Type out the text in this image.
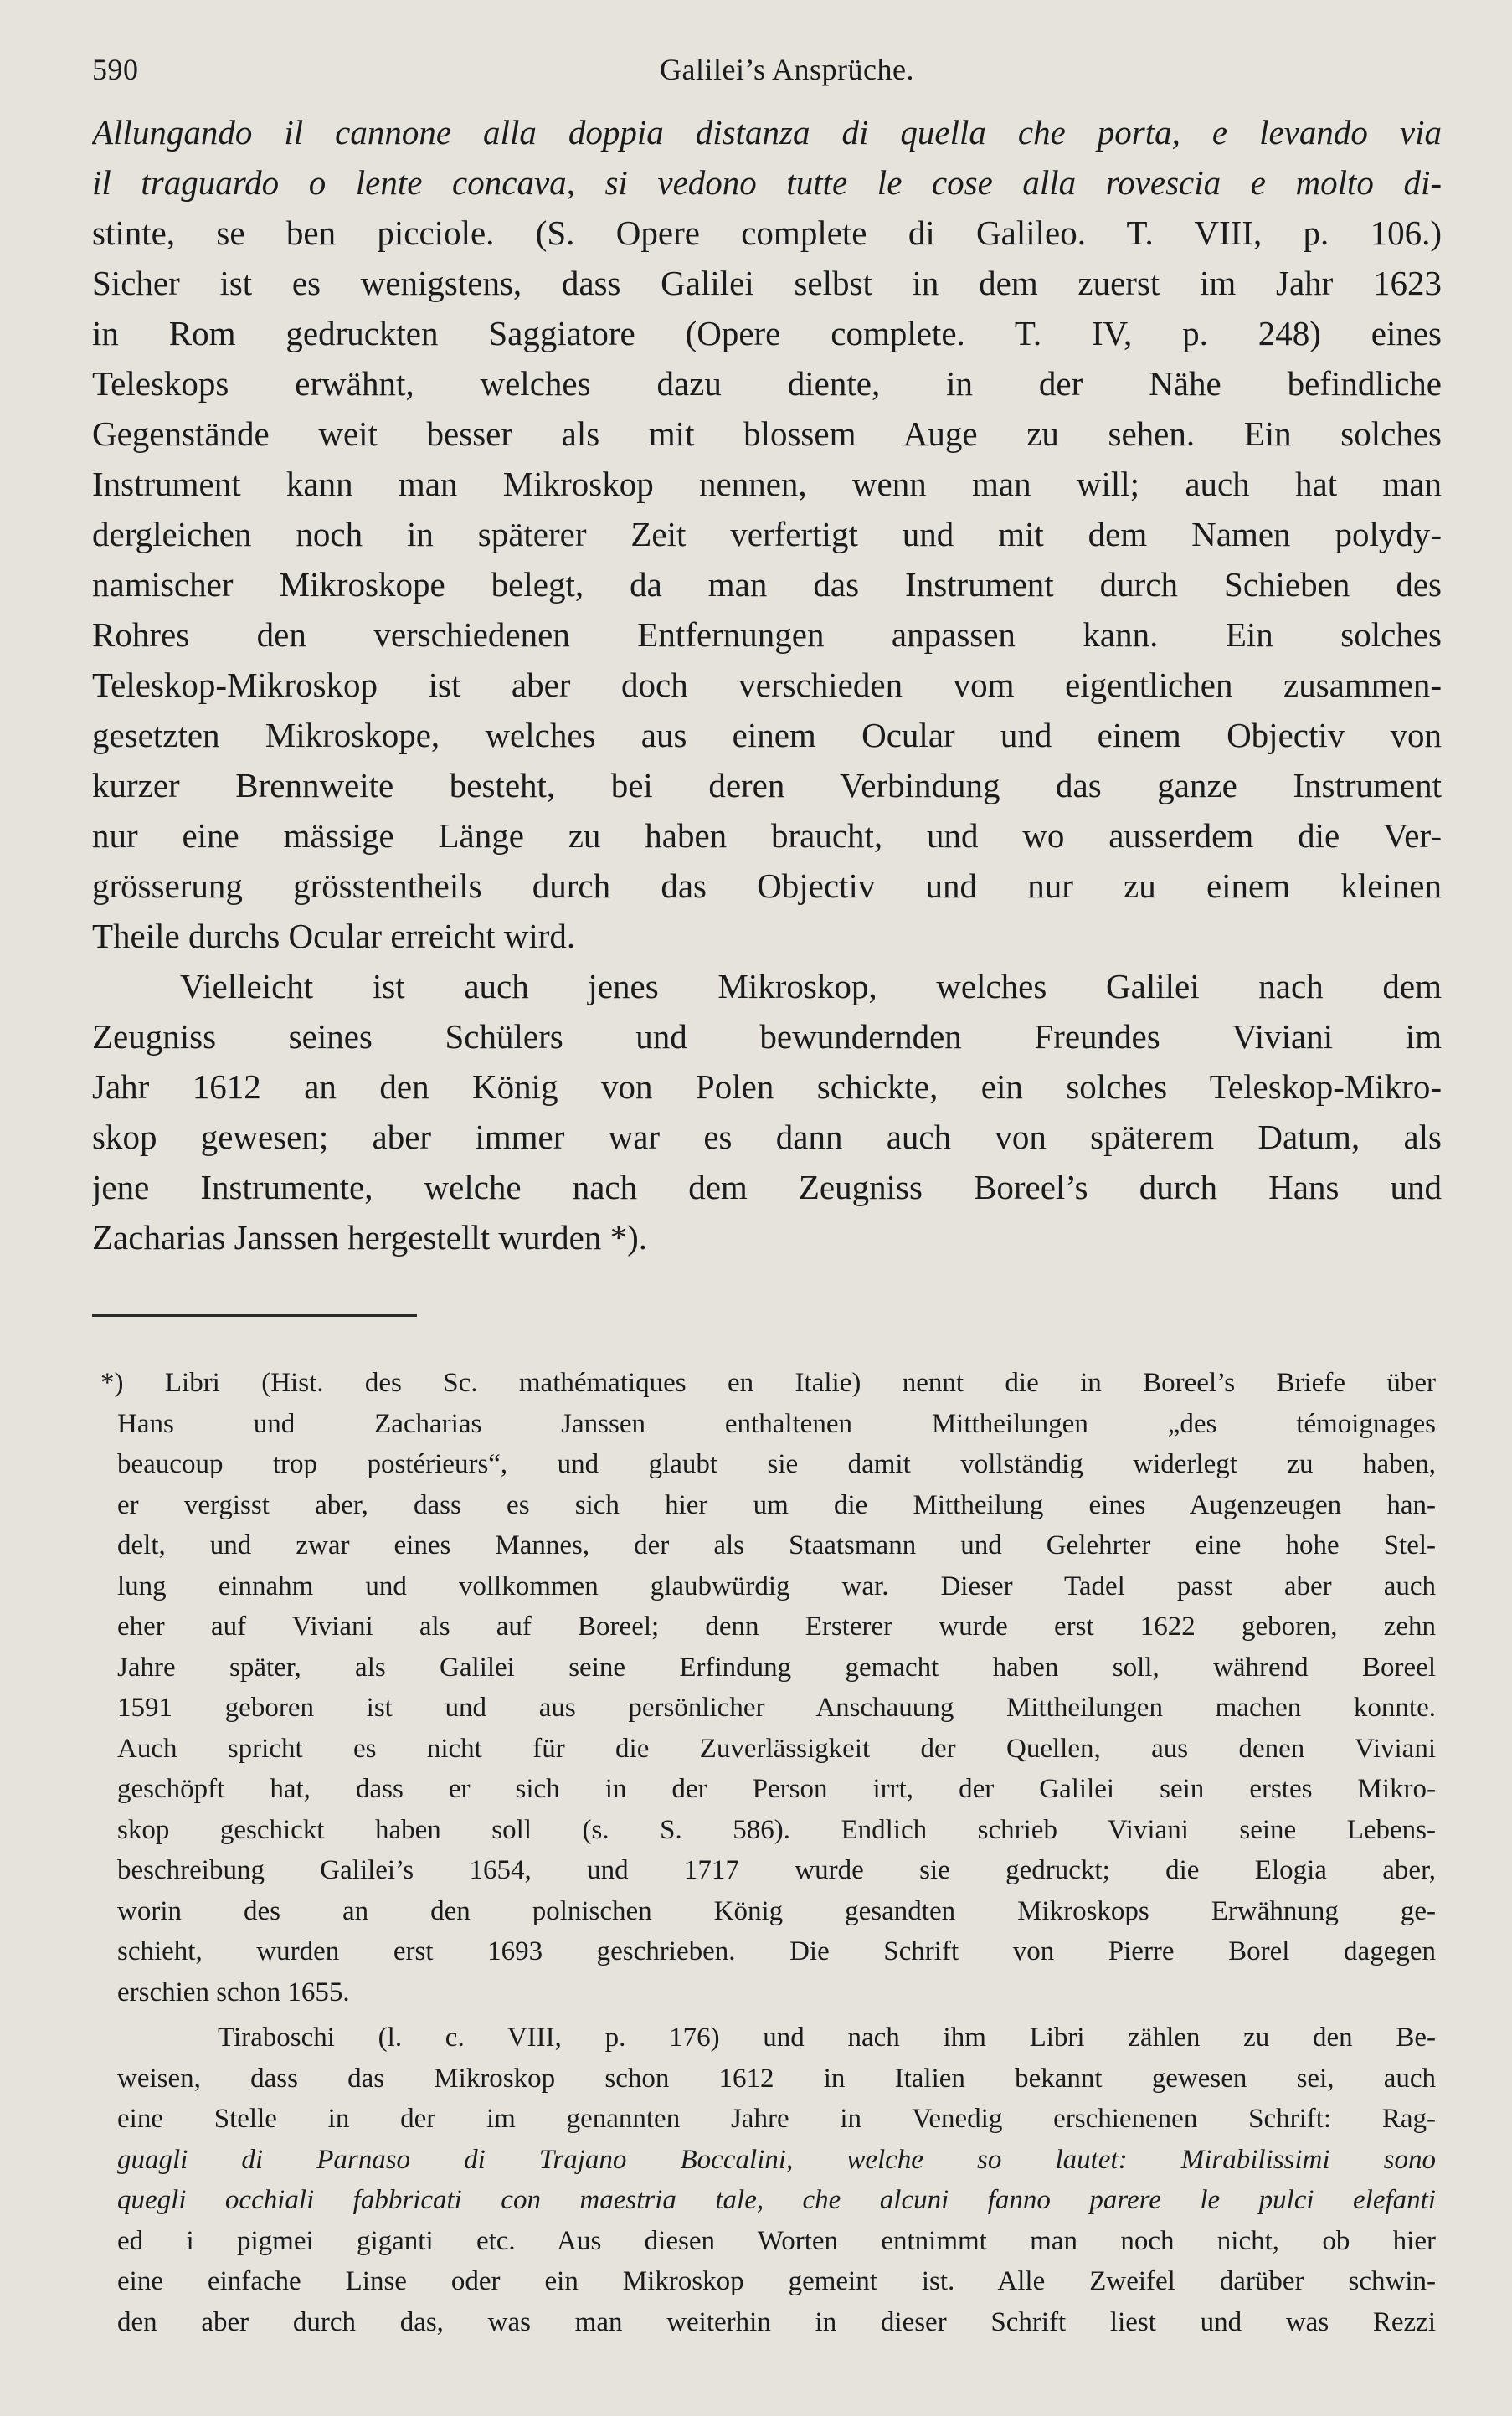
590	Galilei’s Ansprüche.
Allungando il cannone alla doppia distanza di quella che porta, e levando via
il traguardo o lente concava, si vedono tutte le cose alla rovescia e molto di-
stinte, se ben picciole. (S. Opere complete di Galileo. T. VIII, p. 106.)
Sicher ist es wenigstens, dass Galilei selbst in dem zuerst im Jahr 1623
in Rom gedruckten Saggiatore (Opere complete. T. IV, p. 248) eines
Teleskops erwähnt, welches dazu diente, in der Nähe befindliche
Gegenstände weit besser als mit blossem Auge zu sehen. Ein solches
Instrument kann man Mikroskop nennen, wenn man will; auch hat man
dergleichen noch in späterer Zeit verfertigt und mit dem Namen polydy-
namischer Mikroskope belegt, da man das Instrument durch Schieben des
Rohres den verschiedenen Entfernungen anpassen kann. Ein solches
Teleskop-Mikroskop ist aber doch verschieden vom eigentlichen zusammen-
gesetzten Mikroskope, welches aus einem Ocular und einem Objectiv von
kurzer Brennweite besteht, bei deren Verbindung das ganze Instrument
nur eine mässige Länge zu haben braucht, und wo ausserdem die Ver-
grösserung grösstentheils durch das Objectiv und nur zu einem kleinen
Theile durchs Ocular erreicht wird.
Vielleicht ist auch jenes Mikroskop, welches Galilei nach dem
Zeugniss seines Schülers und bewundernden Freundes Viviani im
Jahr 1612 an den König von Polen schickte, ein solches Teleskop-Mikro-
skop gewesen; aber immer war es dann auch von späterem Datum, als
jene Instrumente, welche nach dem Zeugniss Boreel’s durch Hans und
Zacharias Janssen hergestellt wurden *).
*) Libri (Hist. des Sc. mathématiques en Italie) nennt die in Boreel’s Briefe über
Hans und Zacharias Janssen enthaltenen Mittheilungen „des témoignages
beaucoup trop postérieurs“, und glaubt sie damit vollständig widerlegt zu haben,
er vergisst aber, dass es sich hier um die Mittheilung eines Augenzeugen han-
delt, und zwar eines Mannes, der als Staatsmann und Gelehrter eine hohe Stel-
lung einnahm und vollkommen glaubwürdig war. Dieser Tadel passt aber auch
eher auf Viviani als auf Boreel; denn Ersterer wurde erst 1622 geboren, zehn
Jahre später, als Galilei seine Erfindung gemacht haben soll, während Boreel
1591 geboren ist und aus persönlicher Anschauung Mittheilungen machen konnte.
Auch spricht es nicht für die Zuverlässigkeit der Quellen, aus denen Viviani
geschöpft hat, dass er sich in der Person irrt, der Galilei sein erstes Mikro-
skop geschickt haben soll (s. S. 586). Endlich schrieb Viviani seine Lebens-
beschreibung Galilei’s 1654, und 1717 wurde sie gedruckt; die Elogia aber,
worin des an den polnischen König gesandten Mikroskops Erwähnung ge-
schieht, wurden erst 1693 geschrieben. Die Schrift von Pierre Borel dagegen
erschien schon 1655.
Tiraboschi (l. c. VIII, p. 176) und nach ihm Libri zählen zu den Be-
weisen, dass das Mikroskop schon 1612 in Italien bekannt gewesen sei, auch
eine Stelle in der im genannten Jahre in Venedig erschienenen Schrift: Rag-
guagli di Parnaso di Trajano Boccalini, welche so lautet: Mirabilissimi sono
quegli occhiali fabbricati con maestria tale, che alcuni fanno parere le pulci elefanti
ed i pigmei giganti etc. Aus diesen Worten entnimmt man noch nicht, ob hier
eine einfache Linse oder ein Mikroskop gemeint ist. Alle Zweifel darüber schwin-
den aber durch das, was man weiterhin in dieser Schrift liest und was Rezzi
